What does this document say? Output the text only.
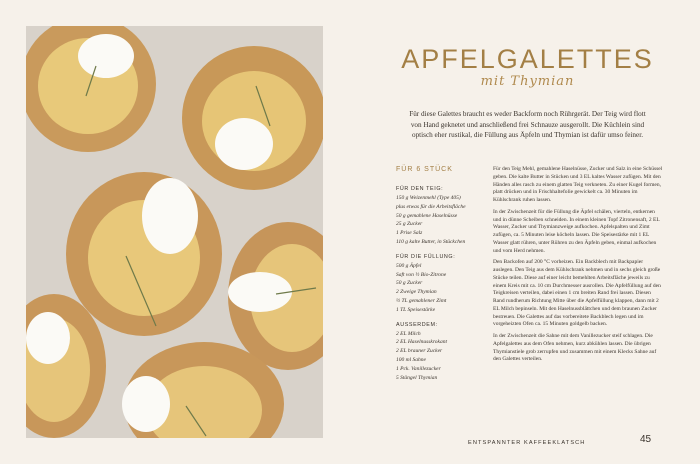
APFELGALETTES
mit Thymian
Für diese Galettes braucht es weder Backform noch Rührgerät. Der Teig wird flott von Hand geknetet und anschließend frei Schnauze ausgerollt. Die Küchlein sind optisch eher rustikal, die Füllung aus Äpfeln und Thymian ist dafür umso feiner.
FÜR 6 STÜCK
FÜR DEN TEIG:
150 g Weizenmehl (Type 405)
plus etwas für die Arbeitsfläche
50 g gemahlene Haselnüsse
25 g Zucker
1 Prise Salz
110 g kalte Butter, in Stückchen
FÜR DIE FÜLLUNG:
500 g Äpfel
Saft von ½ Bio-Zitrone
50 g Zucker
2 Zweige Thymian
½ TL gemahlener Zimt
1 TL Speisestärke
AUSSERDEM:
2 EL Milch
2 EL Haselnusskrokant
2 EL brauner Zucker
100 ml Sahne
1 Pck. Vanillezucker
5 Stängel Thymian

Für den Teig Mehl, gemahlene Haselnüsse, Zucker und Salz in eine Schüssel geben. Die kalte Butter in Stücken und 3 EL kaltes Wasser zufügen. Mit den Händen alles rasch zu einem glatten Teig verkneten. Zu einer Kugel formen, platt drücken und in Frischhaltefolie gewickelt ca. 30 Minuten im Kühlschrank ruhen lassen.

In der Zwischenzeit für die Füllung die Äpfel schälen, vierteln, entkernen und in dünne Scheiben schneiden. In einem kleinen Topf Zitronensaft, 2 EL Wasser, Zucker und Thymianzweige aufkochen. Apfelspalten und Zimt zufügen, ca. 5 Minuten leise köcheln lassen. Die Speisestärke mit 1 EL Wasser glatt rühren, unter Rühren zu den Äpfeln geben, einmal aufkochen und vom Herd nehmen.

Den Backofen auf 200 °C vorheizen. Ein Backblech mit Backpapier auslegen. Den Teig aus dem Kühlschrank nehmen und in sechs gleich große Stücke teilen. Diese auf einer leicht bemehlten Arbeitsfläche jeweils zu einem Kreis mit ca. 10 cm Durchmesser ausrollen. Die Apfelfüllung auf den Teigkreisen verteilen, dabei einen 1 cm breiten Rand frei lassen. Diesen Rand rundherum Richtung Mitte über die Apfelfüllung klappen, dann mit 2 EL Milch bepinseln. Mit den Haselnussblättchen und dem braunen Zucker bestreuen. Die Galettes auf das vorbereitete Backblech legen und im vorgeheizten Ofen ca. 15 Minuten goldgelb backen.

In der Zwischenzeit die Sahne mit dem Vanillezucker steif schlagen. Die Apfelgalettes aus dem Ofen nehmen, kurz abkühlen lassen. Die übrigen Thymianstiele grob zerrupfen und zusammen mit einem Klecks Sahne auf den Galettes verteilen.

ENTSPANNTER KAFFEEKLATSCH	45
